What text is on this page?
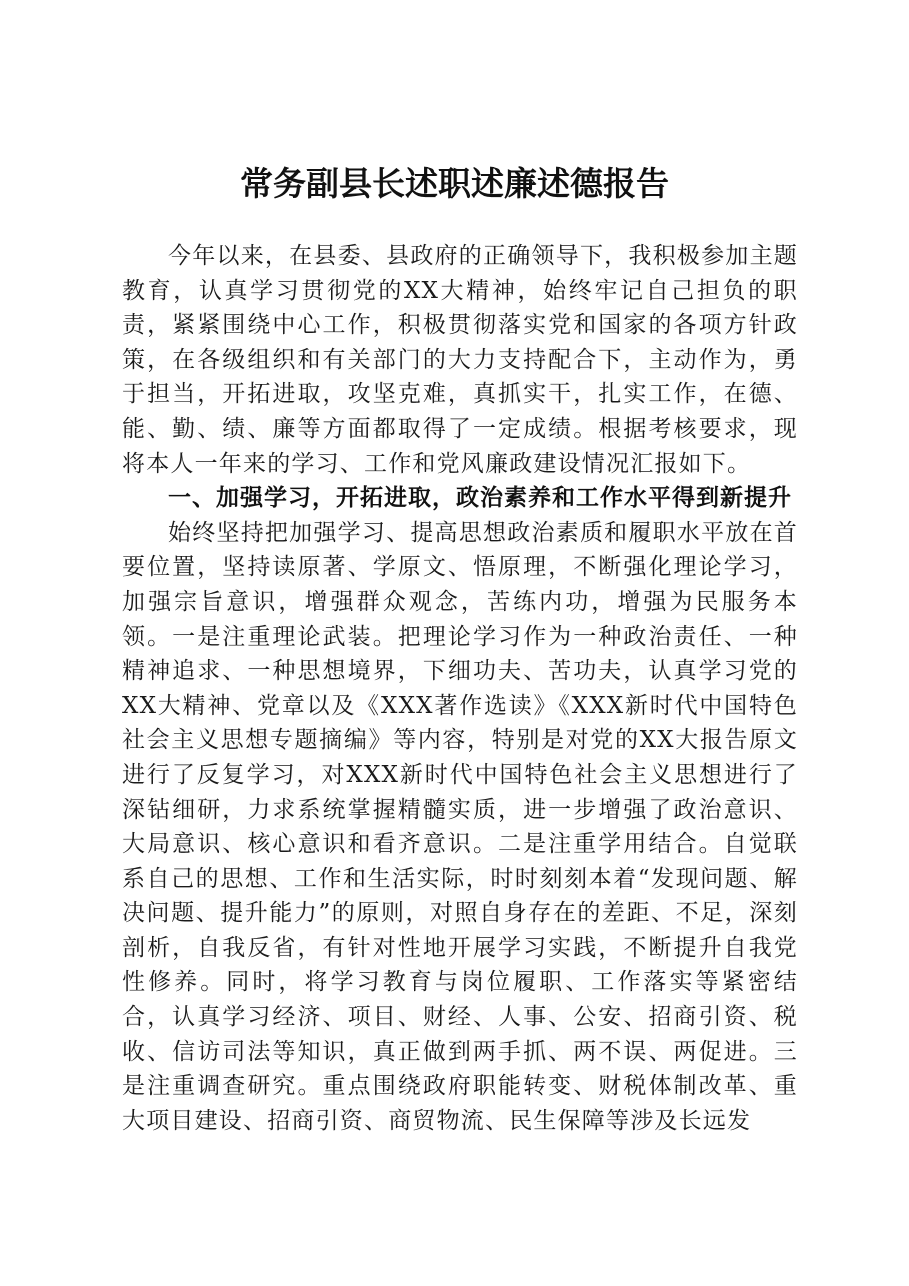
常务副县长述职述廉述德报告

今年以来，在县委、县政府的正确领导下，我积极参加主题教育，认真学习贯彻党的XX大精神，始终牢记自己担负的职责，紧紧围绕中心工作，积极贯彻落实党和国家的各项方针政策，在各级组织和有关部门的大力支持配合下，主动作为，勇于担当，开拓进取，攻坚克难，真抓实干，扎实工作，在德、能、勤、绩、廉等方面都取得了一定成绩。根据考核要求，现将本人一年来的学习、工作和党风廉政建设情况汇报如下。

一、加强学习，开拓进取，政治素养和工作水平得到新提升

始终坚持把加强学习、提高思想政治素质和履职水平放在首要位置，坚持读原著、学原文、悟原理，不断强化理论学习，加强宗旨意识，增强群众观念，苦练内功，增强为民服务本领。一是注重理论武装。把理论学习作为一种政治责任、一种精神追求、一种思想境界，下细功夫、苦功夫，认真学习党的XX大精神、党章以及《XXX著作选读》《XXX新时代中国特色社会主义思想专题摘编》等内容，特别是对党的XX大报告原文进行了反复学习，对XXX新时代中国特色社会主义思想进行了深钻细研，力求系统掌握精髓实质，进一步增强了政治意识、大局意识、核心意识和看齐意识。二是注重学用结合。自觉联系自己的思想、工作和生活实际，时时刻刻本着“发现问题、解决问题、提升能力”的原则，对照自身存在的差距、不足，深刻剖析，自我反省，有针对性地开展学习实践，不断提升自我党性修养。同时，将学习教育与岗位履职、工作落实等紧密结合，认真学习经济、项目、财经、人事、公安、招商引资、税收、信访司法等知识，真正做到两手抓、两不误、两促进。三是注重调查研究。重点围绕政府职能转变、财税体制改革、重大项目建设、招商引资、商贸物流、民生保障等涉及长远发
